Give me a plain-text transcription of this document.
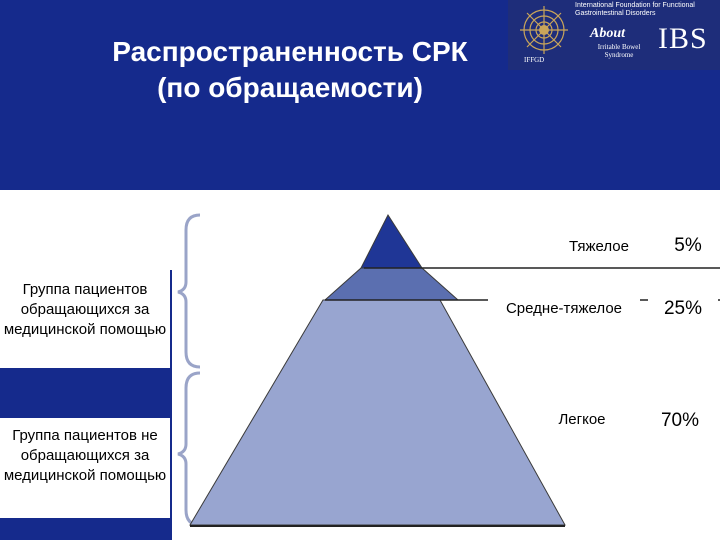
Распространенность СРК
(по обращаемости)
International Foundation for Functional Gastrointestinal Disorders
About
Irritable Bowel Syndrome IBS
IFFGD
Группа пациентов обращающихся за медицинской помощью
Группа пациентов не обращающихся за медицинской помощью
Тяжелое	5%
Средне-тяжелое	25%
Легкое	70%
